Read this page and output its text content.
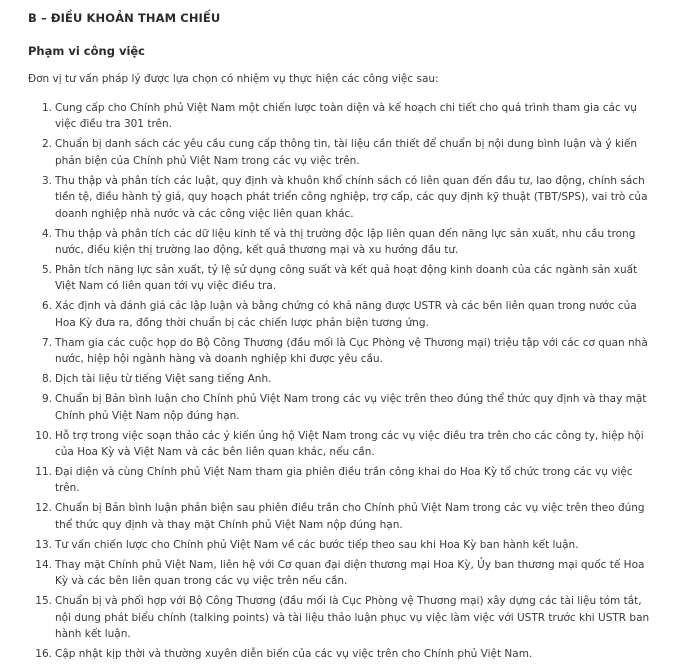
B – ĐIỀU KHOẢN THAM CHIẾU
Phạm vi công việc

Đơn vị tư vấn pháp lý được lựa chọn có nhiệm vụ thực hiện các công việc sau:

1. Cung cấp cho Chính phủ Việt Nam một chiến lược toàn diện và kế hoạch chi tiết cho quá trình tham gia các vụ việc điều tra 301 trên.
2. Chuẩn bị danh sách các yêu cầu cung cấp thông tin, tài liệu cần thiết để chuẩn bị nội dung bình luận và ý kiến phản biện của Chính phủ Việt Nam trong các vụ việc trên.
3. Thu thập và phân tích các luật, quy định và khuôn khổ chính sách có liên quan đến đầu tư, lao động, chính sách tiền tệ, điều hành tỷ giá, quy hoạch phát triển công nghiệp, trợ cấp, các quy định kỹ thuật (TBT/SPS), vai trò của doanh nghiệp nhà nước và các công việc liên quan khác.
4. Thu thập và phân tích các dữ liệu kinh tế và thị trường độc lập liên quan đến năng lực sản xuất, nhu cầu trong nước, điều kiện thị trường lao động, kết quả thương mại và xu hướng đầu tư.
5. Phân tích năng lực sản xuất, tỷ lệ sử dụng công suất và kết quả hoạt động kinh doanh của các ngành sản xuất Việt Nam có liên quan tới vụ việc điều tra.
6. Xác định và đánh giá các lập luận và bằng chứng có khả năng được USTR và các bên liên quan trong nước của Hoa Kỳ đưa ra, đồng thời chuẩn bị các chiến lược phản biện tương ứng.
7. Tham gia các cuộc họp do Bộ Công Thương (đầu mối là Cục Phòng vệ Thương mại) triệu tập với các cơ quan nhà nước, hiệp hội ngành hàng và doanh nghiệp khi được yêu cầu.
8. Dịch tài liệu từ tiếng Việt sang tiếng Anh.
9. Chuẩn bị Bản bình luận cho Chính phủ Việt Nam trong các vụ việc trên theo đúng thể thức quy định và thay mặt Chính phủ Việt Nam nộp đúng hạn.
10. Hỗ trợ trong việc soạn thảo các ý kiến ủng hộ Việt Nam trong các vụ việc điều tra trên cho các công ty, hiệp hội của Hoa Kỳ và Việt Nam và các bên liên quan khác, nếu cần.
11. Đại diện và cùng Chính phủ Việt Nam tham gia phiên điều trần công khai do Hoa Kỳ tổ chức trong các vụ việc trên.
12. Chuẩn bị Bản bình luận phản biện sau phiên điều trần cho Chính phủ Việt Nam trong các vụ việc trên theo đúng thể thức quy định và thay mặt Chính phủ Việt Nam nộp đúng hạn.
13. Tư vấn chiến lược cho Chính phủ Việt Nam về các bước tiếp theo sau khi Hoa Kỳ ban hành kết luận.
14. Thay mặt Chính phủ Việt Nam, liên hệ với Cơ quan đại diện thương mại Hoa Kỳ, Ủy ban thương mại quốc tế Hoa Kỳ và các bên liên quan trong các vụ việc trên nếu cần.
15. Chuẩn bị và phối hợp với Bộ Công Thương (đầu mối là Cục Phòng vệ Thương mại) xây dựng các tài liệu tóm tắt, nội dung phát biểu chính (talking points) và tài liệu thảo luận phục vụ việc làm việc với USTR trước khi USTR ban hành kết luận.
16. Cập nhật kịp thời và thường xuyên diễn biến của các vụ việc trên cho Chính phủ Việt Nam.
